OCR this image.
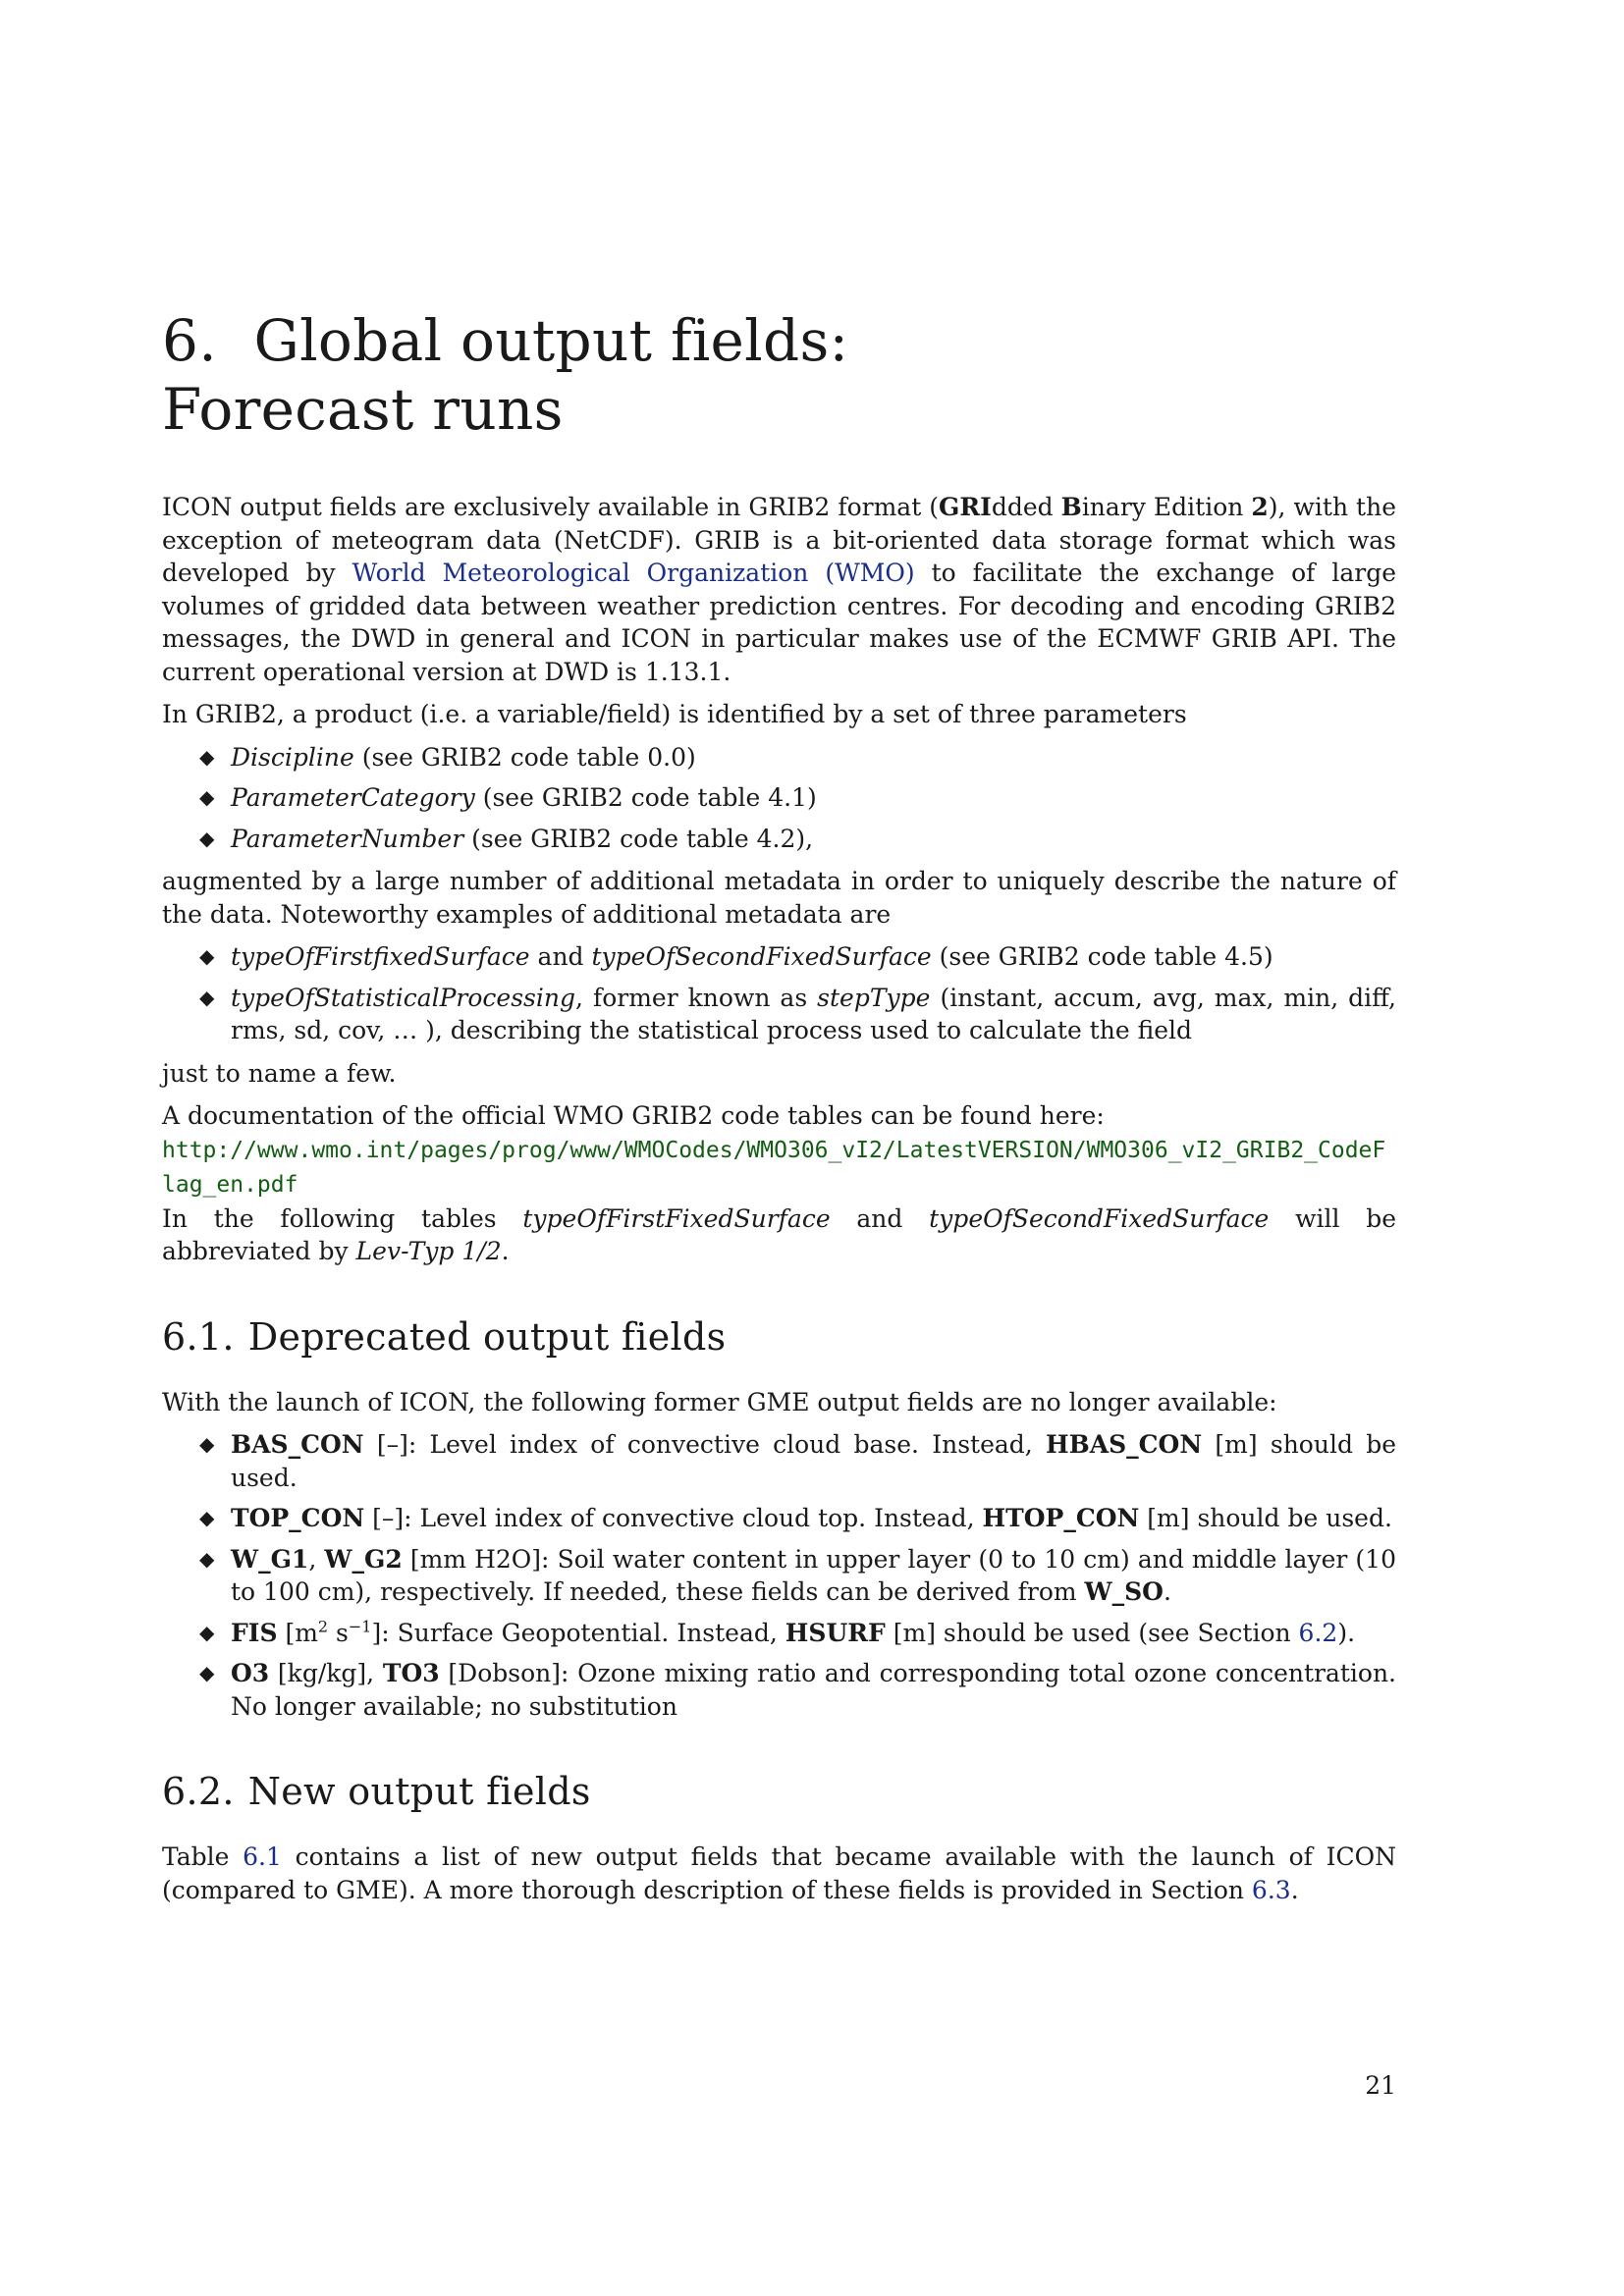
6. Global output fields:
Forecast runs

ICON output fields are exclusively available in GRIB2 format (GRIdded Binary Edition 2), with the exception of meteogram data (NetCDF). GRIB is a bit-oriented data storage format which was developed by World Meteorological Organization (WMO) to facilitate the exchange of large volumes of gridded data between weather prediction centres. For decoding and encoding GRIB2 messages, the DWD in general and ICON in particular makes use of the ECMWF GRIB API. The current operational version at DWD is 1.13.1.

In GRIB2, a product (i.e. a variable/field) is identified by a set of three parameters

◆ Discipline (see GRIB2 code table 0.0)
◆ ParameterCategory (see GRIB2 code table 4.1)
◆ ParameterNumber (see GRIB2 code table 4.2),

augmented by a large number of additional metadata in order to uniquely describe the nature of the data. Noteworthy examples of additional metadata are

◆ typeOfFirstfixedSurface and typeOfSecondFixedSurface (see GRIB2 code table 4.5)
◆ typeOfStatisticalProcessing, former known as stepType (instant, accum, avg, max, min, diff, rms, sd, cov, … ), describing the statistical process used to calculate the field

just to name a few.

A documentation of the official WMO GRIB2 code tables can be found here:
http://www.wmo.int/pages/prog/www/WMOCodes/WMO306_vI2/LatestVERSION/WMO306_vI2_GRIB2_CodeFlag_en.pdf

In the following tables typeOfFirstFixedSurface and typeOfSecondFixedSurface will be abbreviated by Lev-Typ 1/2.

6.1. Deprecated output fields

With the launch of ICON, the following former GME output fields are no longer available:

◆ BAS_CON [–]: Level index of convective cloud base. Instead, HBAS_CON [m] should be used.
◆ TOP_CON [–]: Level index of convective cloud top. Instead, HTOP_CON [m] should be used.
◆ W_G1, W_G2 [mm H2O]: Soil water content in upper layer (0 to 10 cm) and middle layer (10 to 100 cm), respectively. If needed, these fields can be derived from W_SO.
◆ FIS [$m^2$ $s^{-1}$]: Surface Geopotential. Instead, HSURF [m] should be used (see Section 6.2).
◆ O3 [kg/kg], TO3 [Dobson]: Ozone mixing ratio and corresponding total ozone concentration. No longer available; no substitution
6.2. New output fields

Table 6.1 contains a list of new output fields that became available with the launch of ICON (compared to GME). A more thorough description of these fields is provided in Section 6.3.

21
